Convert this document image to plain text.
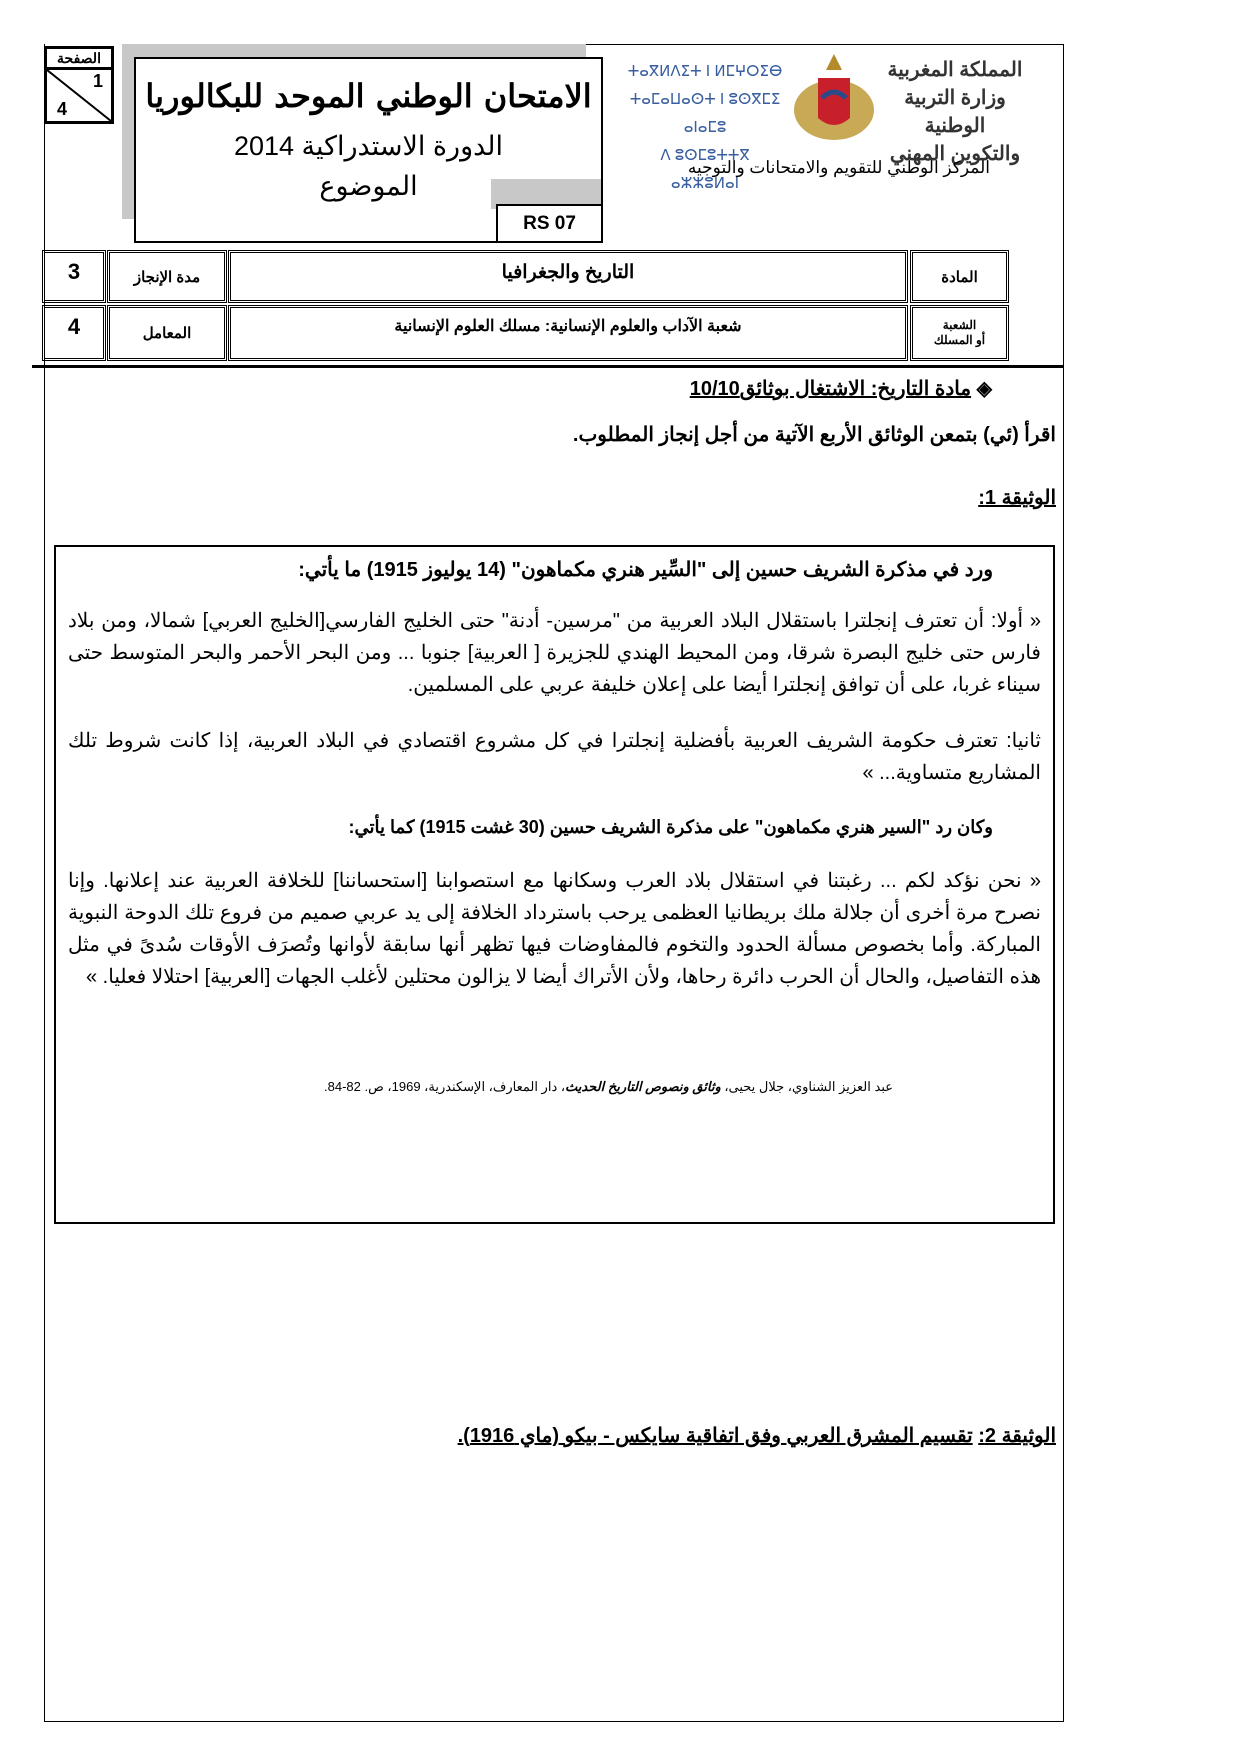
الصفحة
1
4 الامتحان الوطني الموحد للبكالوريا
الدورة الاستدراكية 2014
الموضوع
RS 07
ⵜⴰⴳⵍⴷⵉⵜ ⵏ ⵍⵎⵖⵔⵉⴱ
ⵜⴰⵎⴰⵡⴰⵙⵜ ⵏ ⵓⵙⴳⵎⵉ ⴰⵏⴰⵎⵓ
ⴷ ⵓⵙⵎⵓⵜⵜⴳ ⴰⵣⵣⵓⵍⴰⵏ
المملكة المغربية
وزارة التربية الوطنية
والتكوين المهني
المركز الوطني للتقويم والامتحانات والتوجيه
المادة
التاريخ والجغرافيا
مدة الإنجاز
3
الشعبة
أو المسلك
شعبة الآداب والعلوم الإنسانية: مسلك العلوم الإنسانية
المعامل
4
◈ مادة التاريخ: الاشتغال بوثائق10/10
اقرأ (ئي) بتمعن الوثائق الأربع الآتية من أجل إنجاز المطلوب.
الوثيقة 1:
ورد في مذكرة الشريف حسين إلى "السِّير هنري مكماهون" (14 يوليوز 1915) ما يأتي:
« أولا: أن تعترف إنجلترا باستقلال البلاد العربية من "مرسين- أدنة" حتى الخليج الفارسي[الخليج العربي] شمالا، ومن بلاد فارس حتى خليج البصرة شرقا، ومن المحيط الهندي للجزيرة [ العربية] جنوبا ... ومن البحر الأحمر والبحر المتوسط حتى سيناء غربا، على أن توافق إنجلترا أيضا على إعلان خليفة عربي على المسلمين.
ثانيا: تعترف حكومة الشريف العربية بأفضلية إنجلترا في كل مشروع اقتصادي في البلاد العربية، إذا كانت شروط تلك المشاريع متساوية... »
وكان رد "السير هنري مكماهون" على مذكرة الشريف حسين (30 غشت 1915) كما يأتي:
« نحن نؤكد لكم ... رغبتنا في استقلال بلاد العرب وسكانها مع استصوابنا [استحساننا] للخلافة العربية عند إعلانها. وإنا نصرح مرة أخرى أن جلالة ملك بريطانيا العظمى يرحب باسترداد الخلافة إلى يد عربي صميم من فروع تلك الدوحة النبوية المباركة. وأما بخصوص مسألة الحدود والتخوم فالمفاوضات فيها تظهر أنها سابقة لأوانها وتُصرَف الأوقات سُدىً في مثل هذه التفاصيل، والحال أن الحرب دائرة رحاها، ولأن الأتراك أيضا لا يزالون محتلين لأغلب الجهات [العربية] احتلالا فعليا. »
عبد العزيز الشناوي، جلال يحيى، وثائق ونصوص التاريخ الحديث، دار المعارف، الإسكندرية، 1969، ص. 82-84.
الوثيقة 2: تقسيم المشرق العربي وفق اتفاقية سايكس - بيكو (ماي 1916).
